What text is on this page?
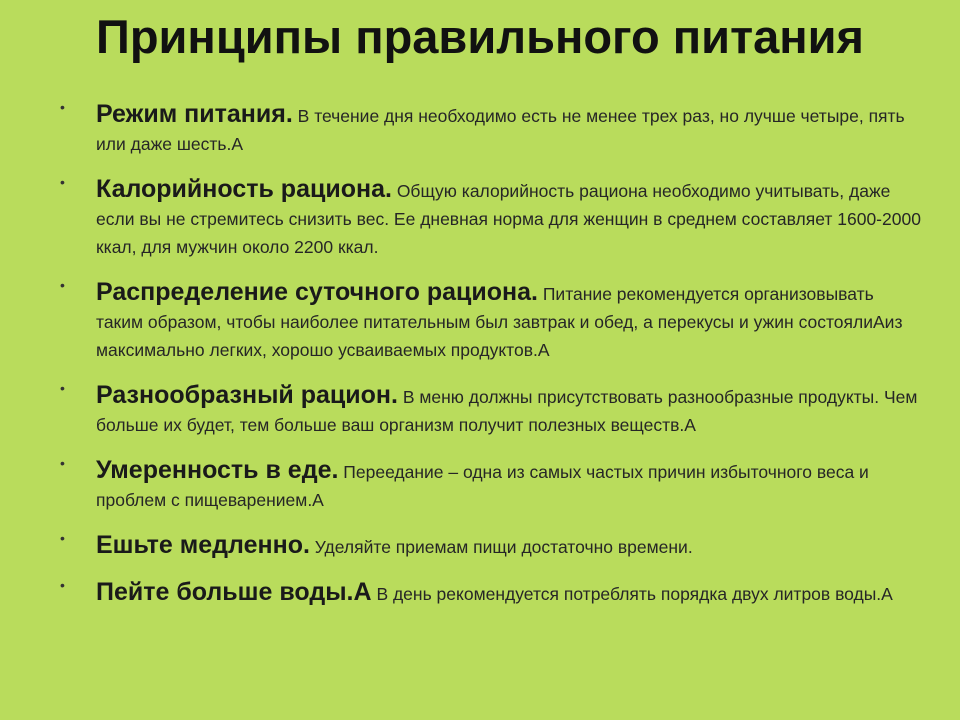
Принципы правильного питания
• Режим питания. В течение дня необходимо есть не менее трех раз, но лучше четыре, пять или даже шесть.А
• Калорийность рациона. Общую калорийность рациона необходимо учитывать, даже если вы не стремитесь снизить вес. Ее дневная норма для женщин в среднем составляет 1600-2000 ккал, для мужчин около 2200 ккал.
• Распределение суточного рациона. Питание рекомендуется организовывать таким образом, чтобы наиболее питательным был завтрак и обед, а перекусы и ужин состоялиАиз максимально легких, хорошо усваиваемых продуктов.А
• Разнообразный рацион. В меню должны присутствовать разнообразные продукты. Чем больше их будет, тем больше ваш организм получит полезных веществ.А
• Умеренность в еде. Переедание – одна из самых частых причин избыточного веса и проблем с пищеварением.А
• Ешьте медленно. Уделяйте приемам пищи достаточно времени.
• Пейте больше воды.А В день рекомендуется потреблять порядка двух литров воды.А
